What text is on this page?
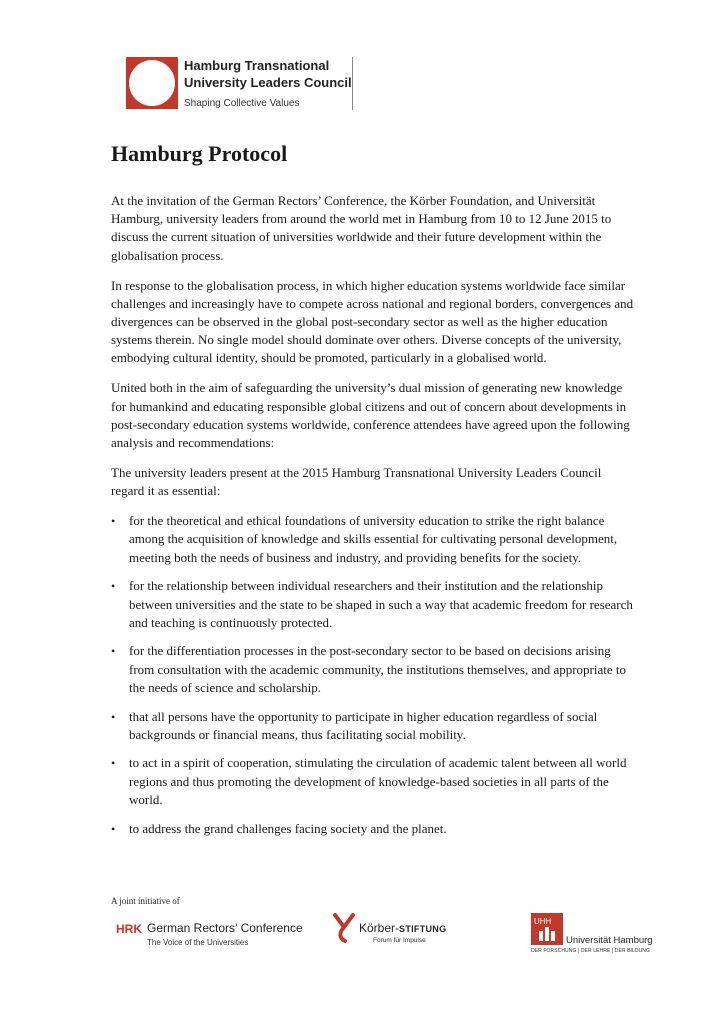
Hamburg Transnational
University Leaders Council
Shaping Collective Values
Hamburg Protocol

At the invitation of the German Rectors’ Conference, the Körber Foundation, and Universität Hamburg, university leaders from around the world met in Hamburg from 10 to 12 June 2015 to discuss the current situation of universities worldwide and their future development within the globalisation process.

In response to the globalisation process, in which higher education systems worldwide face similar challenges and increasingly have to compete across national and regional borders, convergences and divergences can be observed in the global post-secondary sector as well as the higher education systems therein. No single model should dominate over others. Diverse concepts of the university, embodying cultural identity, should be promoted, particularly in a globalised world.

United both in the aim of safeguarding the university’s dual mission of generating new knowledge for humankind and educating responsible global citizens and out of concern about developments in post-secondary education systems worldwide, conference attendees have agreed upon the following analysis and recommendations:

The university leaders present at the 2015 Hamburg Transnational University Leaders Council regard it as essential:

• for the theoretical and ethical foundations of university education to strike the right balance among the acquisition of knowledge and skills essential for cultivating personal development, meeting both the needs of business and industry, and providing benefits for the society.
• for the relationship between individual researchers and their institution and the relationship between universities and the state to be shaped in such a way that academic freedom for research and teaching is continuously protected.
• for the differentiation processes in the post-secondary sector to be based on decisions arising from consultation with the academic community, the institutions themselves, and appropriate to the needs of science and scholarship.
• that all persons have the opportunity to participate in higher education regardless of social backgrounds or financial means, thus facilitating social mobility.
• to act in a spirit of cooperation, stimulating the circulation of academic talent between all world regions and thus promoting the development of knowledge-based societies in all parts of the world.
• to address the grand challenges facing society and the planet.
A joint initiative of
HRK German Rectors’ Conference
The Voice of the Universities
Körber-STIFTUNG
Forum für Impulse
UHH
Universität Hamburg
DER FORSCHUNG | DER LEHRE | DER BILDUNG
